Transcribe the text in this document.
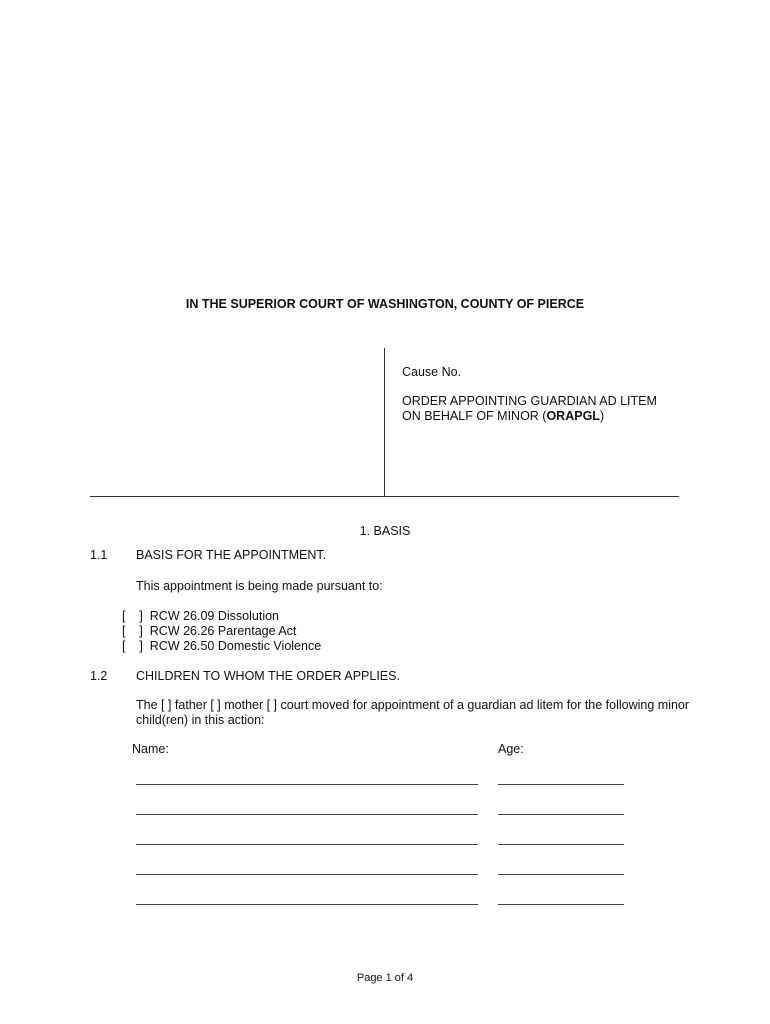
IN THE SUPERIOR COURT OF WASHINGTON, COUNTY OF PIERCE
Cause No.
ORDER APPOINTING GUARDIAN AD LITEM
ON BEHALF OF MINOR (ORAPGL)
1. BASIS
1.1 BASIS FOR THE APPOINTMENT.
This appointment is being made pursuant to:
[    ]  RCW 26.09 Dissolution
[    ]  RCW 26.26 Parentage Act
[    ]  RCW 26.50 Domestic Violence
1.2 CHILDREN TO WHOM THE ORDER APPLIES.
The [ ] father [ ] mother [ ] court moved for appointment of a guardian ad litem for the following minor child(ren) in this action:
Name:	Age:
Page 1 of 4
